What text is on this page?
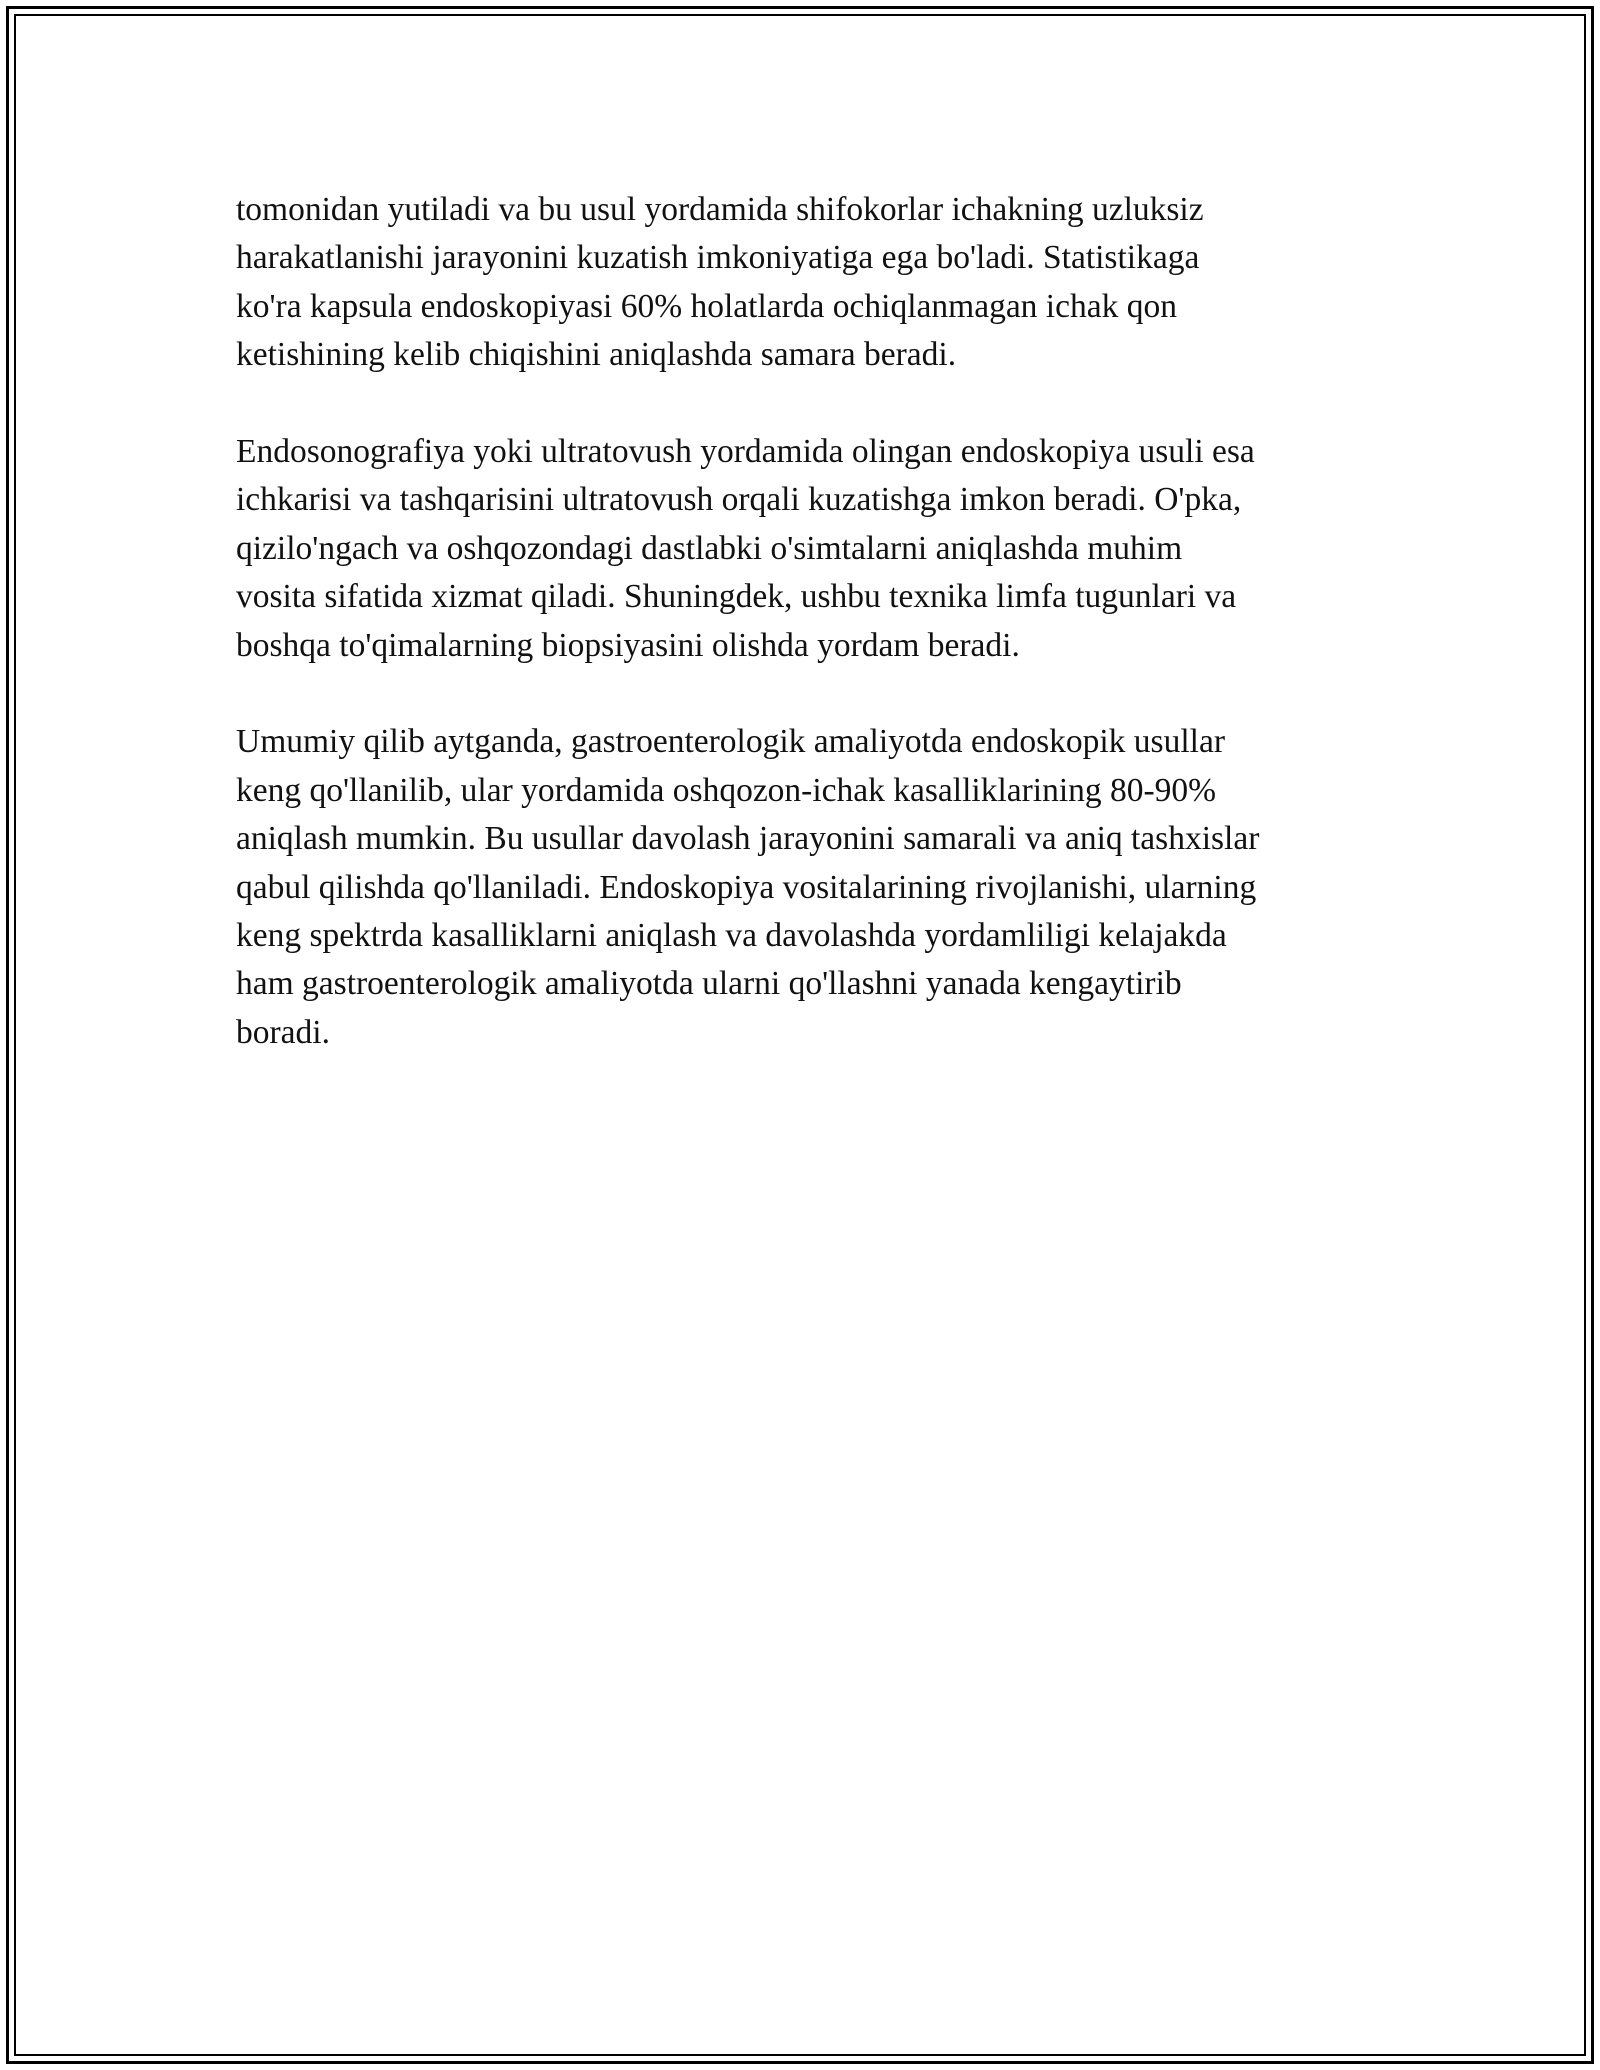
tomonidan yutiladi va bu usul yordamida shifokorlar ichakning uzluksiz
harakatlanishi jarayonini kuzatish imkoniyatiga ega bo'ladi. Statistikaga
ko'ra kapsula endoskopiyasi 60% holatlarda ochiqlanmagan ichak qon
ketishining kelib chiqishini aniqlashda samara beradi.

Endosonografiya yoki ultratovush yordamida olingan endoskopiya usuli esa
ichkarisi va tashqarisini ultratovush orqali kuzatishga imkon beradi. O'pka,
qizilo'ngach va oshqozondagi dastlabki o'simtalarni aniqlashda muhim
vosita sifatida xizmat qiladi. Shuningdek, ushbu texnika limfa tugunlari va
boshqa to'qimalarning biopsiyasini olishda yordam beradi.

Umumiy qilib aytganda, gastroenterologik amaliyotda endoskopik usullar
keng qo'llanilib, ular yordamida oshqozon-ichak kasalliklarining 80-90%
aniqlash mumkin. Bu usullar davolash jarayonini samarali va aniq tashxislar
qabul qilishda qo'llaniladi. Endoskopiya vositalarining rivojlanishi, ularning
keng spektrda kasalliklarni aniqlash va davolashda yordamliligi kelajakda
ham gastroenterologik amaliyotda ularni qo'llashni yanada kengaytirib
boradi.
